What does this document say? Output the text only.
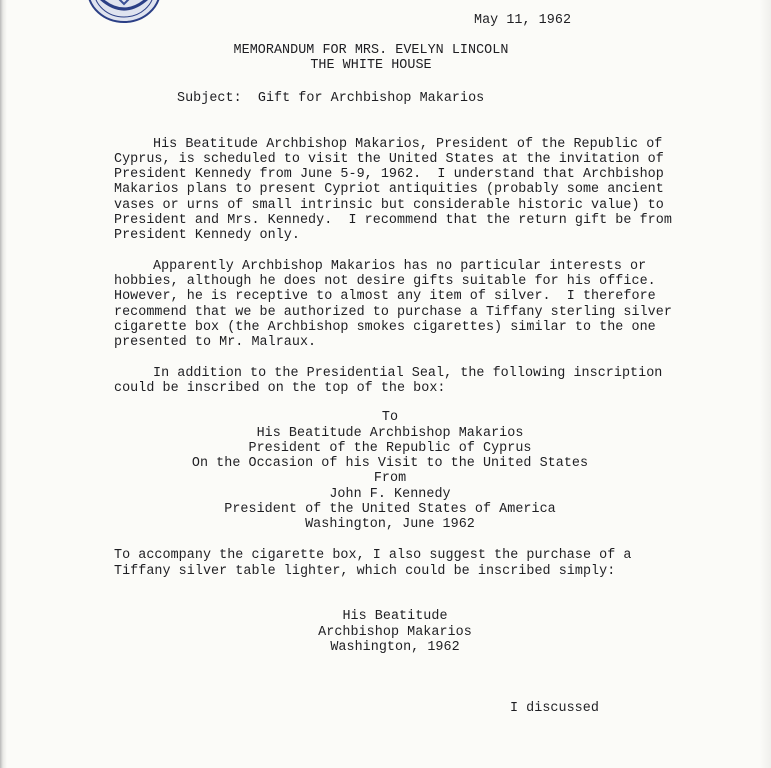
May 11, 1962
MEMORANDUM FOR MRS. EVELYN LINCOLN
THE WHITE HOUSE
Subject:  Gift for Archbishop Makarios
His Beatitude Archbishop Makarios, President of the Republic of
Cyprus, is scheduled to visit the United States at the invitation of
President Kennedy from June 5-9, 1962.  I understand that Archbishop
Makarios plans to present Cypriot antiquities (probably some ancient
vases or urns of small intrinsic but considerable historic value) to
President and Mrs. Kennedy.  I recommend that the return gift be from
President Kennedy only.
Apparently Archbishop Makarios has no particular interests or
hobbies, although he does not desire gifts suitable for his office.
However, he is receptive to almost any item of silver.  I therefore
recommend that we be authorized to purchase a Tiffany sterling silver
cigarette box (the Archbishop smokes cigarettes) similar to the one
presented to Mr. Malraux.
In addition to the Presidential Seal, the following inscription
could be inscribed on the top of the box:
To
His Beatitude Archbishop Makarios
President of the Republic of Cyprus
On the Occasion of his Visit to the United States
From
John F. Kennedy
President of the United States of America
Washington, June 1962
To accompany the cigarette box, I also suggest the purchase of a
Tiffany silver table lighter, which could be inscribed simply:
His Beatitude
Archbishop Makarios
Washington, 1962
I discussed
